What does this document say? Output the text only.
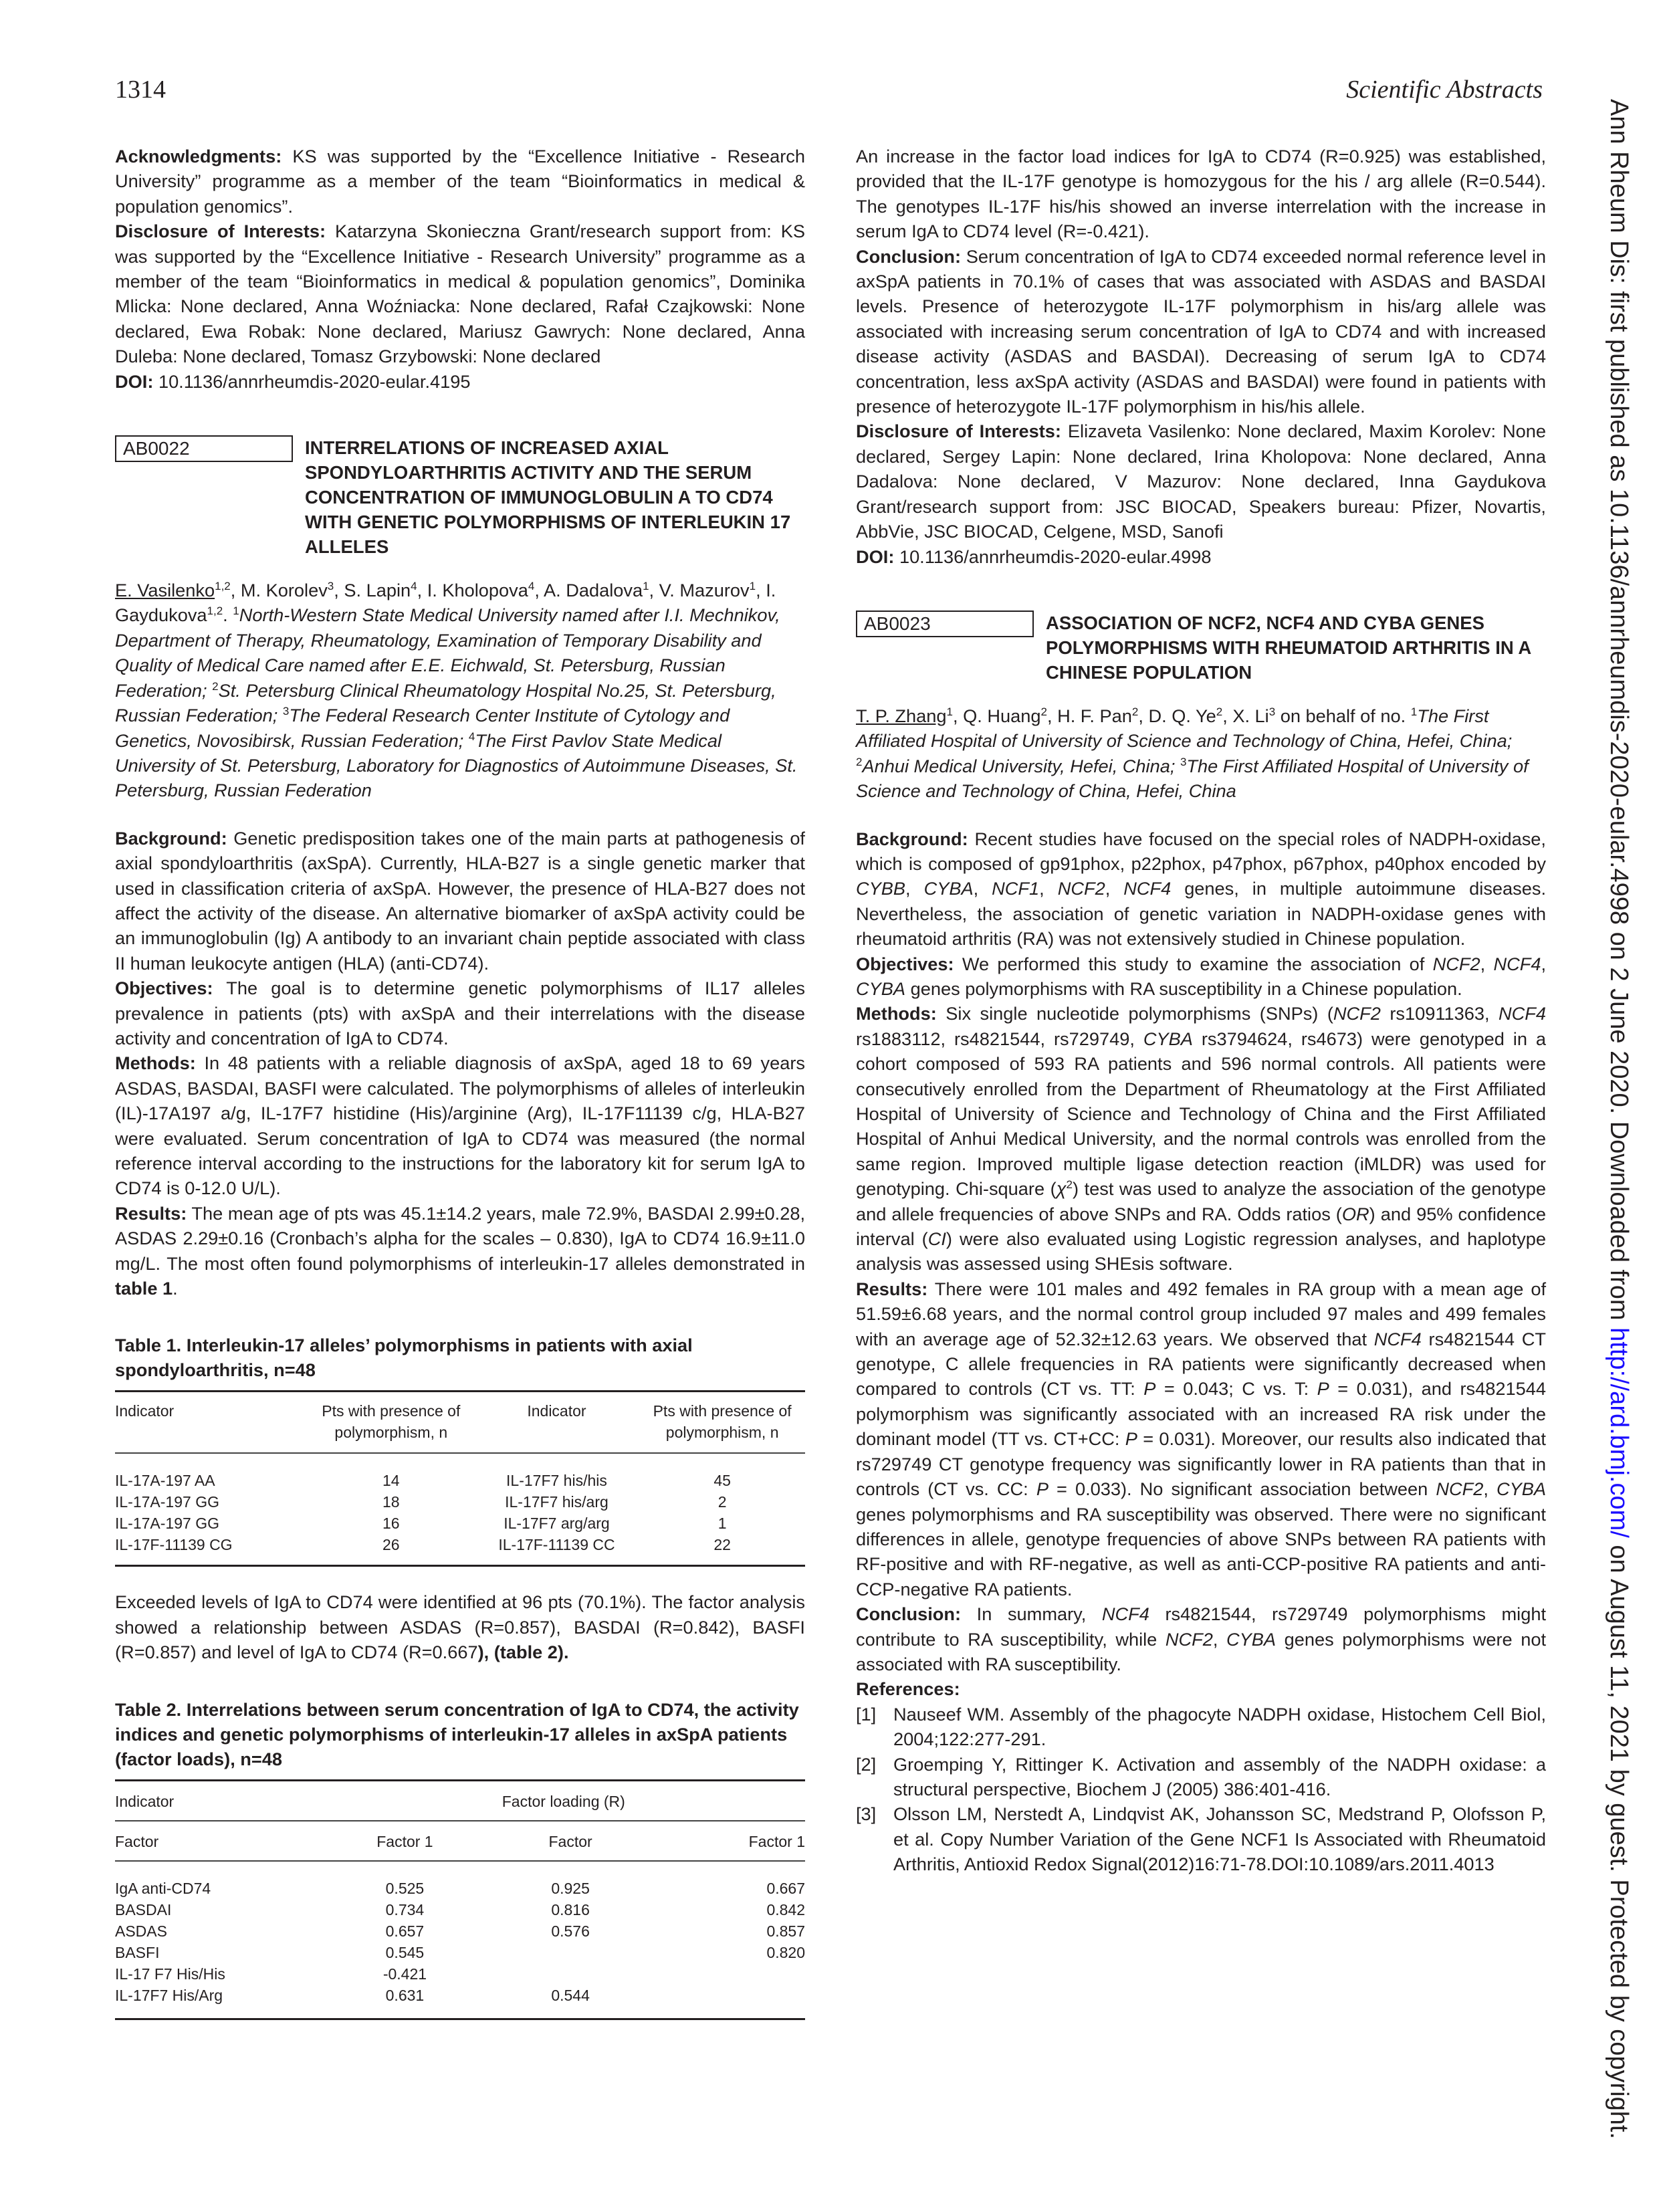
1314	Scientific Abstracts
Ann Rheum Dis: first published as 10.1136/annrheumdis-2020-eular.4998 on 2 June 2020. Downloaded from http://ard.bmj.com/ on August 11, 2021 by guest. Protected by copyright.

Acknowledgments: KS was supported by the “Excellence Initiative - Research University” programme as a member of the team “Bioinformatics in medical & population genomics”.

Disclosure of Interests: Katarzyna Skonieczna Grant/research support from: KS was supported by the “Excellence Initiative - Research University” programme as a member of the team “Bioinformatics in medical & population genomics”, Dominika Mlicka: None declared, Anna Woźniacka: None declared, Rafał Czajkowski: None declared, Ewa Robak: None declared, Mariusz Gawrych: None declared, Anna Duleba: None declared, Tomasz Grzybowski: None declared

DOI: 10.1136/annrheumdis-2020-eular.4195

AB0022	INTERRELATIONS OF INCREASED AXIAL SPONDYLOARTHRITIS ACTIVITY AND THE SERUM CONCENTRATION OF IMMUNOGLOBULIN A TO CD74 WITH GENETIC POLYMORPHISMS OF INTERLEUKIN 17 ALLELES

E. Vasilenko$^{1,2}$, M. Korolev$^3$, S. Lapin$^4$, I. Kholopova$^4$, A. Dadalova$^1$, V. Mazurov$^1$, I. Gaydukova$^{1,2}$. $^1$North-Western State Medical University named after I.I. Mechnikov, Department of Therapy, Rheumatology, Examination of Temporary Disability and Quality of Medical Care named after E.E. Eichwald, St. Petersburg, Russian Federation; $^2$St. Petersburg Clinical Rheumatology Hospital No.25, St. Petersburg, Russian Federation; $^3$The Federal Research Center Institute of Cytology and Genetics, Novosibirsk, Russian Federation; $^4$The First Pavlov State Medical University of St. Petersburg, Laboratory for Diagnostics of Autoimmune Diseases, St. Petersburg, Russian Federation

Background: Genetic predisposition takes one of the main parts at pathogenesis of axial spondyloarthritis (axSpA). Currently, HLA-B27 is a single genetic marker that used in classification criteria of axSpA. However, the presence of HLA-B27 does not affect the activity of the disease. An alternative biomarker of axSpA activity could be an immunoglobulin (Ig) A antibody to an invariant chain peptide associated with class II human leukocyte antigen (HLA) (anti-CD74).

Objectives: The goal is to determine genetic polymorphisms of IL17 alleles prevalence in patients (pts) with axSpA and their interrelations with the disease activity and concentration of IgA to CD74.

Methods: In 48 patients with a reliable diagnosis of axSpA, aged 18 to 69 years ASDAS, BASDAI, BASFI were calculated. The polymorphisms of alleles of interleukin (IL)-17A197 a/g, IL-17F7 histidine (His)/arginine (Arg), IL-17F11139 c/g, HLA-B27 were evaluated. Serum concentration of IgA to CD74 was measured (the normal reference interval according to the instructions for the laboratory kit for serum IgA to CD74 is 0-12.0 U/L).

Results: The mean age of pts was 45.1±14.2 years, male 72.9%, BASDAI 2.99±0.28, ASDAS 2.29±0.16 (Cronbach’s alpha for the scales – 0.830), IgA to CD74 16.9±11.0 mg/L. The most often found polymorphisms of interleukin-17 alleles demonstrated in table 1.

Table 1. Interleukin-17 alleles’ polymorphisms in patients with axial spondyloarthritis, n=48
Indicator	Pts with presence of polymorphism, n	Indicator	Pts with presence of polymorphism, n
IL-17A-197 AA	14	IL-17F7 his/his	45
IL-17A-197 GG	18	IL-17F7 his/arg	2
IL-17A-197 GG	16	IL-17F7 arg/arg	1
IL-17F-11139 CG	26	IL-17F-11139 CC	22

Exceeded levels of IgA to CD74 were identified at 96 pts (70.1%). The factor analysis showed a relationship between ASDAS (R=0.857), BASDAI (R=0.842), BASFI (R=0.857) and level of IgA to CD74 (R=0.667), (table 2).

Table 2. Interrelations between serum concentration of IgA to CD74, the activity indices and genetic polymorphisms of interleukin-17 alleles in axSpA patients (factor loads), n=48
Indicator	Factor loading (R)		
Factor	Factor 1	Factor	Factor 1
IgA anti-CD74	0.525	0.925	0.667
BASDAI	0.734	0.816	0.842
ASDAS	0.657	0.576	0.857
BASFI	0.545		0.820
IL-17 F7 His/His	-0.421		
IL-17F7 His/Arg	0.631	0.544	

An increase in the factor load indices for IgA to CD74 (R=0.925) was established, provided that the IL-17F genotype is homozygous for the his / arg allele (R=0.544). The genotypes IL-17F his/his showed an inverse interrelation with the increase in serum IgA to CD74 level (R=-0.421).

Conclusion: Serum concentration of IgA to CD74 exceeded normal reference level in axSpA patients in 70.1% of cases that was associated with ASDAS and BASDAI levels. Presence of heterozygote IL-17F polymorphism in his/arg allele was associated with increasing serum concentration of IgA to CD74 and with increased disease activity (ASDAS and BASDAI). Decreasing of serum IgA to CD74 concentration, less axSpA activity (ASDAS and BASDAI) were found in patients with presence of heterozygote IL-17F polymorphism in his/his allele.

Disclosure of Interests: Elizaveta Vasilenko: None declared, Maxim Korolev: None declared, Sergey Lapin: None declared, Irina Kholopova: None declared, Anna Dadalova: None declared, V Mazurov: None declared, Inna Gaydukova Grant/research support from: JSC BIOCAD, Speakers bureau: Pfizer, Novartis, AbbVie, JSC BIOCAD, Celgene, MSD, Sanofi

DOI: 10.1136/annrheumdis-2020-eular.4998

AB0023	ASSOCIATION OF NCF2, NCF4 AND CYBA GENES POLYMORPHISMS WITH RHEUMATOID ARTHRITIS IN A CHINESE POPULATION

T. P. Zhang$^1$, Q. Huang$^2$, H. F. Pan$^2$, D. Q. Ye$^2$, X. Li$^3$ on behalf of no. $^1$The First Affiliated Hospital of University of Science and Technology of China, Hefei, China; $^2$Anhui Medical University, Hefei, China; $^3$The First Affiliated Hospital of University of Science and Technology of China, Hefei, China

Background: Recent studies have focused on the special roles of NADPH-oxidase, which is composed of gp91phox, p22phox, p47phox, p67phox, p40phox encoded by CYBB, CYBA, NCF1, NCF2, NCF4 genes, in multiple autoimmune diseases. Nevertheless, the association of genetic variation in NADPH-oxidase genes with rheumatoid arthritis (RA) was not extensively studied in Chinese population.

Objectives: We performed this study to examine the association of NCF2, NCF4, CYBA genes polymorphisms with RA susceptibility in a Chinese population.

Methods: Six single nucleotide polymorphisms (SNPs) (NCF2 rs10911363, NCF4 rs1883112, rs4821544, rs729749, CYBA rs3794624, rs4673) were genotyped in a cohort composed of 593 RA patients and 596 normal controls. All patients were consecutively enrolled from the Department of Rheumatology at the First Affiliated Hospital of University of Science and Technology of China and the First Affiliated Hospital of Anhui Medical University, and the normal controls was enrolled from the same region. Improved multiple ligase detection reaction (iMLDR) was used for genotyping. Chi-square $(\chi^2)$ test was used to analyze the association of the genotype and allele frequencies of above SNPs and RA. Odds ratios (OR) and 95% confidence interval (CI) were also evaluated using Logistic regression analyses, and haplotype analysis was assessed using SHEsis software.

Results: There were 101 males and 492 females in RA group with a mean age of 51.59±6.68 years, and the normal control group included 97 males and 499 females with an average age of 52.32±12.63 years. We observed that NCF4 rs4821544 CT genotype, C allele frequencies in RA patients were significantly decreased when compared to controls (CT vs. TT: P = 0.043; C vs. T: P = 0.031), and rs4821544 polymorphism was significantly associated with an increased RA risk under the dominant model (TT vs. CT+CC: P = 0.031). Moreover, our results also indicated that rs729749 CT genotype frequency was significantly lower in RA patients than that in controls (CT vs. CC: P = 0.033). No significant association between NCF2, CYBA genes polymorphisms and RA susceptibility was observed. There were no significant differences in allele, genotype frequencies of above SNPs between RA patients with RF-positive and with RF-negative, as well as anti-CCP-positive RA patients and anti-CCP-negative RA patients.

Conclusion: In summary, NCF4 rs4821544, rs729749 polymorphisms might contribute to RA susceptibility, while NCF2, CYBA genes polymorphisms were not associated with RA susceptibility.

References:

[1] Nauseef WM. Assembly of the phagocyte NADPH oxidase, Histochem Cell Biol, 2004;122:277-291.
[2] Groemping Y, Rittinger K. Activation and assembly of the NADPH oxidase: a structural perspective, Biochem J (2005) 386:401-416.
[3] Olsson LM, Nerstedt A, Lindqvist AK, Johansson SC, Medstrand P, Olofsson P, et al. Copy Number Variation of the Gene NCF1 Is Associated with Rheumatoid Arthritis, Antioxid Redox Signal(2012)16:71-78.DOI:10.1089/ars.2011.4013
